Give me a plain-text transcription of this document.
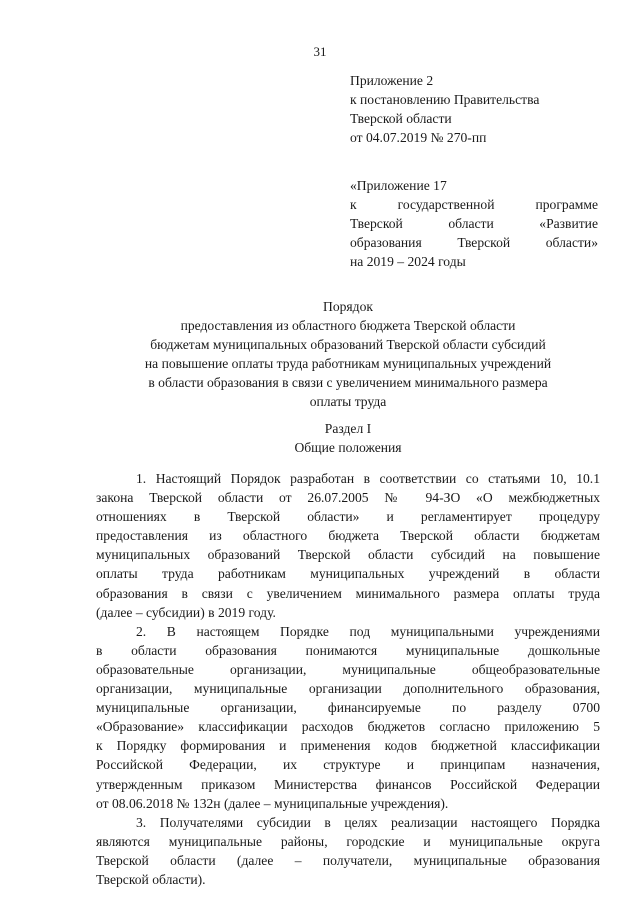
31
Приложение 2
к постановлению Правительства
Тверской области
от 04.07.2019 № 270-пп
«Приложение 17
к государственной программе
Тверской области «Развитие
образования Тверской области»
на 2019 – 2024 годы
Порядок
предоставления из областного бюджета Тверской области
бюджетам муниципальных образований Тверской области субсидий
на повышение оплаты труда работникам муниципальных учреждений
в области образования в связи с увеличением минимального размера
оплаты труда
Раздел I
Общие положения
1. Настоящий Порядок разработан в соответствии со статьями 10, 10.1
закона Тверской области от 26.07.2005 № 94-ЗО «О межбюджетных
отношениях в Тверской области» и регламентирует процедуру
предоставления из областного бюджета Тверской области бюджетам
муниципальных образований Тверской области субсидий на повышение
оплаты труда работникам муниципальных учреждений в области
образования в связи с увеличением минимального размера оплаты труда
(далее – субсидии) в 2019 году.
2. В настоящем Порядке под муниципальными учреждениями
в области образования понимаются муниципальные дошкольные
образовательные организации, муниципальные общеобразовательные
организации, муниципальные организации дополнительного образования,
муниципальные организации, финансируемые по разделу 0700
«Образование» классификации расходов бюджетов согласно приложению 5
к Порядку формирования и применения кодов бюджетной классификации
Российской Федерации, их структуре и принципам назначения,
утвержденным приказом Министерства финансов Российской Федерации
от 08.06.2018 № 132н (далее – муниципальные учреждения).
3. Получателями субсидии в целях реализации настоящего Порядка
являются муниципальные районы, городские и муниципальные округа
Тверской области (далее – получатели, муниципальные образования
Тверской области).
